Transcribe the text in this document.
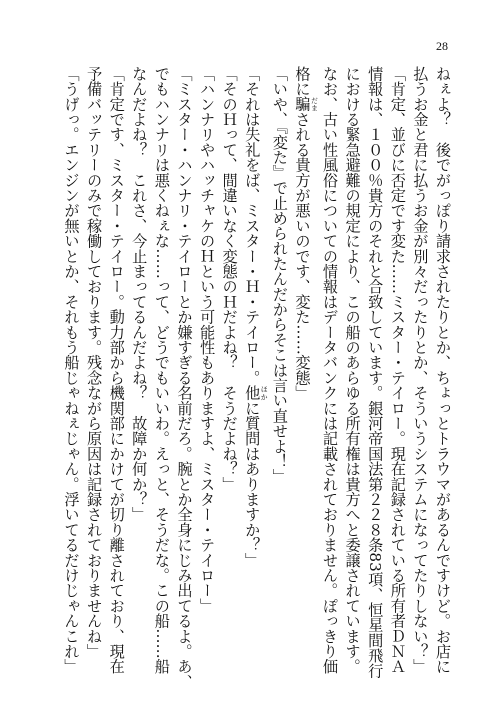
28
ねぇよ？　後でがっぽり請求されたりとか、ちょっとトラウマがあるんですけど。お店に
払うお金と君に払うお金が別々だったりとか、そういうシステムになってたりしない？」
「肯定、並びに否定です変た……ミスター・テイロー。現在記録されている所有者ＤＮＡ
情報は、１００％貴方のそれと合致しています。銀河帝国法第２２８条83項、恒星間飛行
における緊急避難の規定により、この船のあらゆる所有権は貴方へと委譲されています。
なお、古い性風俗についての情報はデータバンクには記載されておりません。ぽっきり価
格に騙 だまされる貴方が悪いのです、変た……変態」
「いや、『変た』で止められたんだからそこは言い直せよ！」
「それは失礼をば、ミスター・Ｈ・テイロー。他 ほかに質問はありますか？」
「そのＨって、間違いなく変態のＨだよね？　そうだよね？」
「ハンナリやハッチャケのＨという可能性もありますよ、ミスター・テイロー」
「ミスター・ハンナリ・テイローとか嫌すぎる名前だろ。腕とか全身にじみ出てるよ。あ、
でもハンナリは悪くねぇな……って、どうでもいいわ。えっと、そうだな。この船……船
なんだよね？　これさ、今止まってるんだよね？　故障か何か？」
「肯定です、ミスター・テイロー。動力部から機関部にかけてが切り離されており、現在
予備バッテリーのみで稼働しております。残念ながら原因は記録されておりませんね」
「うげっ。エンジンが無いとか、それもう船じゃねぇじゃん。浮いてるだけじゃんこれ」
